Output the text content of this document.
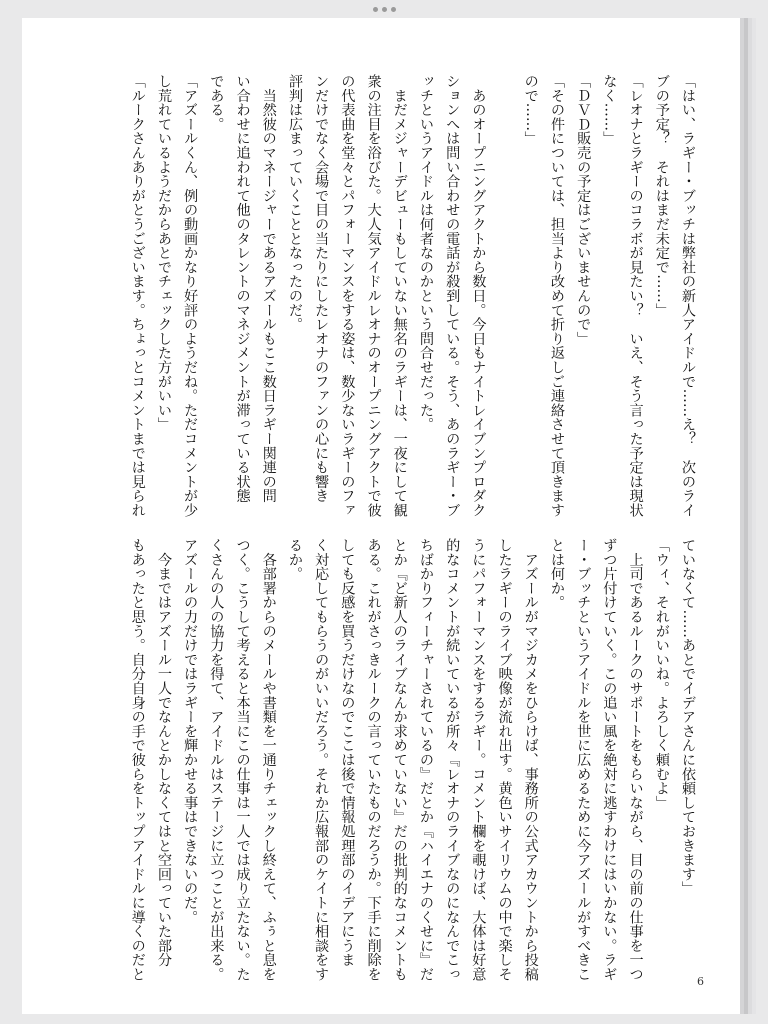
「はい、ラギー・ブッチは弊社の新人アイドルで……え？　次のライ
ブの予定？　それはまだ未定で……」
「レオナとラギーのコラボが見たい？　いえ、そう言った予定は現状
なく……」
「ＤＶＤ販売の予定はございませんので」
「その件については、担当より改めて折り返しご連絡させて頂きます
ので……」

　あのオープニングアクトから数日。今日もナイトレイブンプロダク
ションへは問い合わせの電話が殺到している。そう、あのラギー・ブ
ッチというアイドルは何者なのかという問合せだった。
　まだメジャーデビューもしていない無名のラギーは、一夜にして観
衆の注目を浴びた。大人気アイドルレオナのオープニングアクトで彼
の代表曲を堂々とパフォーマンスをする姿は、数少ないラギーのファ
ンだけでなく会場で目の当たりにしたレオナのファンの心にも響き
評判は広まっていくこととなったのだ。
　当然彼のマネージャーであるアズールもここ数日ラギー関連の問
い合わせに追われて他のタレントのマネジメントが滞っている状態
である。
「アズールくん、例の動画かなり好評のようだね。ただコメントが少
し荒れているようだからあとでチェックした方がいい」
「ルークさんありがとうございます。ちょっとコメントまでは見られ
ていなくて……あとでイデアさんに依頼しておきます」
「ウィ、それがいいね。よろしく頼むよ」
　上司であるルークのサポートをもらいながら、目の前の仕事を一つ
ずつ片付けていく。この追い風を絶対に逃すわけにはいかない。ラギ
ー・ブッチというアイドルを世に広めるために今アズールがすべきこ
とは何か。
　アズールがマジカメをひらけば、事務所の公式アカウントから投稿
したラギーのライブ映像が流れ出す。黄色いサイリウムの中で楽しそ
うにパフォーマンスをするラギー。コメント欄を覗けば、大体は好意
的なコメントが続いているが所々『レオナのライブなのになんでこっ
ちばかりフィーチャーされているの』だとか『ハイエナのくせに』だ
とか『ど新人のライブなんか求めていない』だの批判的なコメントも
ある。これがさっきルークの言っていたものだろうか。下手に削除を
しても反感を買うだけなのでここは後で情報処理部のイデアにうま
く対応してもらうのがいいだろう。それか広報部のケイトに相談をす
るか。
　各部署からのメールや書類を一通りチェックし終えて、ふぅと息を
つく。こうして考えると本当にこの仕事は一人では成り立たない。た
くさんの人の協力を得て、アイドルはステージに立つことが出来る。
アズールの力だけではラギーを輝かせる事はできないのだ。
　今まではアズール一人でなんとかしなくてはと空回っていた部分
もあったと思う。自分自身の手で彼らをトップアイドルに導くのだと
6
